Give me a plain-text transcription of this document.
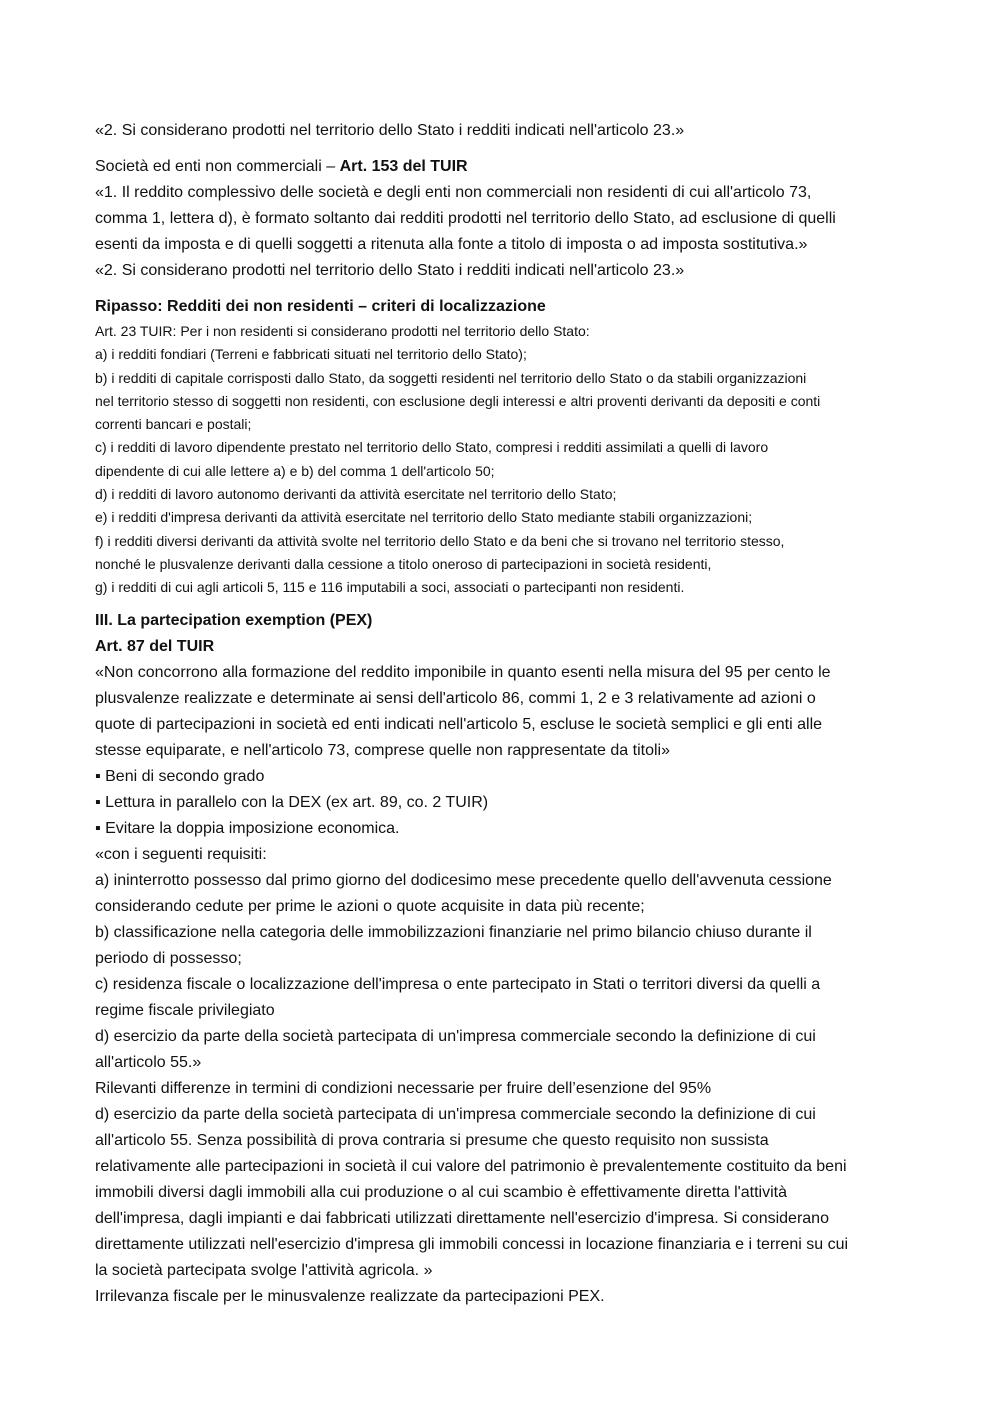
«2. Si considerano prodotti nel territorio dello Stato i redditi indicati nell'articolo 23.»

Società ed enti non commerciali – Art. 153 del TUIR

«1. Il reddito complessivo delle società e degli enti non commerciali non residenti di cui all'articolo 73,

comma 1, lettera d), è formato soltanto dai redditi prodotti nel territorio dello Stato, ad esclusione di quelli

esenti da imposta e di quelli soggetti a ritenuta alla fonte a titolo di imposta o ad imposta sostitutiva.»

«2. Si considerano prodotti nel territorio dello Stato i redditi indicati nell'articolo 23.»

Ripasso: Redditi dei non residenti – criteri di localizzazione

Art. 23 TUIR: Per i non residenti si considerano prodotti nel territorio dello Stato:

a) i redditi fondiari (Terreni e fabbricati situati nel territorio dello Stato);

b) i redditi di capitale corrisposti dallo Stato, da soggetti residenti nel territorio dello Stato o da stabili organizzazioni

nel territorio stesso di soggetti non residenti, con esclusione degli interessi e altri proventi derivanti da depositi e conti

correnti bancari e postali;

c) i redditi di lavoro dipendente prestato nel territorio dello Stato, compresi i redditi assimilati a quelli di lavoro

dipendente di cui alle lettere a) e b) del comma 1 dell'articolo 50;

d) i redditi di lavoro autonomo derivanti da attività esercitate nel territorio dello Stato;

e) i redditi d'impresa derivanti da attività esercitate nel territorio dello Stato mediante stabili organizzazioni;

f) i redditi diversi derivanti da attività svolte nel territorio dello Stato e da beni che si trovano nel territorio stesso,

nonché le plusvalenze derivanti dalla cessione a titolo oneroso di partecipazioni in società residenti,

g) i redditi di cui agli articoli 5, 115 e 116 imputabili a soci, associati o partecipanti non residenti.

III. La partecipation exemption (PEX)

Art. 87 del TUIR

«Non concorrono alla formazione del reddito imponibile in quanto esenti nella misura del 95 per cento le

plusvalenze realizzate e determinate ai sensi dell'articolo 86, commi 1, 2 e 3 relativamente ad azioni o

quote di partecipazioni in società ed enti indicati nell'articolo 5, escluse le società semplici e gli enti alle

stesse equiparate, e nell'articolo 73, comprese quelle non rappresentate da titoli»

▪ Beni di secondo grado

▪ Lettura in parallelo con la DEX (ex art. 89, co. 2 TUIR)

▪ Evitare la doppia imposizione economica.

«con i seguenti requisiti:

a) ininterrotto possesso dal primo giorno del dodicesimo mese precedente quello dell'avvenuta cessione

considerando cedute per prime le azioni o quote acquisite in data più recente;

b) classificazione nella categoria delle immobilizzazioni finanziarie nel primo bilancio chiuso durante il

periodo di possesso;

c) residenza fiscale o localizzazione dell'impresa o ente partecipato in Stati o territori diversi da quelli a

regime fiscale privilegiato

d) esercizio da parte della società partecipata di un'impresa commerciale secondo la definizione di cui

all'articolo 55.»

Rilevanti differenze in termini di condizioni necessarie per fruire dell’esenzione del 95%

d) esercizio da parte della società partecipata di un'impresa commerciale secondo la definizione di cui

all'articolo 55. Senza possibilità di prova contraria si presume che questo requisito non sussista

relativamente alle partecipazioni in società il cui valore del patrimonio è prevalentemente costituito da beni

immobili diversi dagli immobili alla cui produzione o al cui scambio è effettivamente diretta l'attività

dell'impresa, dagli impianti e dai fabbricati utilizzati direttamente nell'esercizio d'impresa. Si considerano

direttamente utilizzati nell'esercizio d'impresa gli immobili concessi in locazione finanziaria e i terreni su cui

la società partecipata svolge l'attività agricola. »

Irrilevanza fiscale per le minusvalenze realizzate da partecipazioni PEX.
